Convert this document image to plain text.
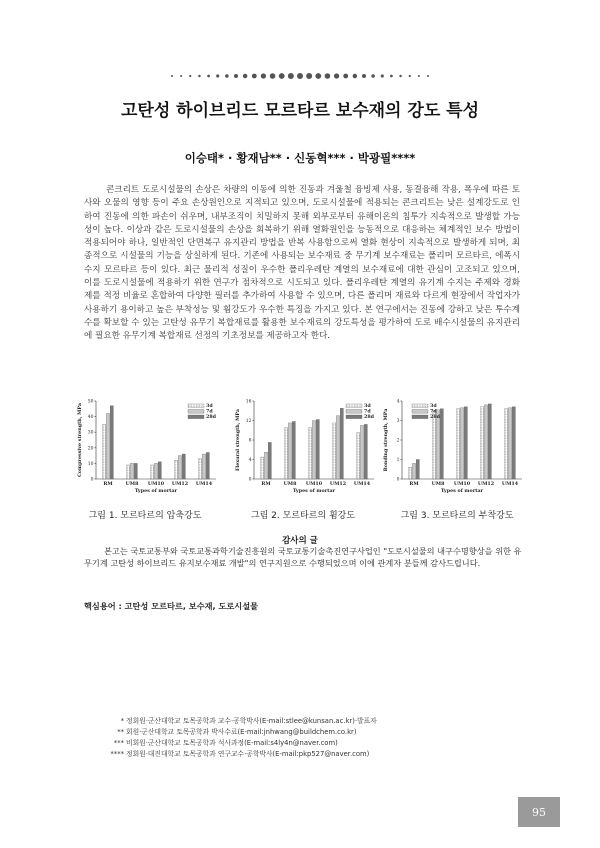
고탄성 하이브리드 모르타르 보수재의 강도 특성
이승태* · 황재남** · 신동혁*** · 박광필****

콘크리트 도로시설물의 손상은 차량의 이동에 의한 진동과 겨울철 융빙제 사용, 동결융해 작용, 폭우에 따른 토사와 오물의 영향 등이 주요 손상원인으로 지적되고 있으며, 도로시설물에 적용되는 콘크리트는 낮은 설계강도로 인하여 진동에 의한 파손이 쉬우며, 내부조직이 치밀하지 못해 외부로부터 유해이온의 침투가 지속적으로 발생할 가능성이 높다. 이상과 같은 도로시설물의 손상을 회복하기 위해 열화원인을 능동적으로 대응하는 체계적인 보수 방법이 적용되어야 하나, 일반적인 단면복구 유지관리 방법을 반복 사용함으로써 열화 현상이 지속적으로 발생하게 되며, 최종적으로 시설물의 기능을 상실하게 된다. 기존에 사용되는 보수재료 중 무기계 보수재료는 폴리머 모르타르, 에폭시수지 모르타르 등이 있다. 최근 물리적 성질이 우수한 폴리우레탄 계열의 보수재료에 대한 관심이 고조되고 있으며, 이를 도로시설물에 적용하기 위한 연구가 점차적으로 시도되고 있다. 폴리우레탄 계열의 유기계 수지는 주제와 경화제를 적정 비율로 혼합하여 다양한 필러를 추가하여 사용할 수 있으며, 다른 폴리머 재료와 다르게 현장에서 작업자가 사용하기 용이하고 높은 부착성능 및 휨강도가 우수한 특징을 가지고 있다. 본 연구에서는 진동에 강하고 낮은 투수계수를 확보할 수 있는 고탄성 유무기 복합재료를 활용한 보수재료의 강도특성을 평가하여 도로 배수시설물의 유지관리에 필요한 유무기계 복합재료 선정의 기초정보를 제공하고자 한다.

0
10
20
30
40
50
RM	UM8 UM10 UM12 UM14
Types of mortar
Compressive strength, MPa	3d
7d
28d
0
4
8
12
16
RM	UM8 UM10 UM12 UM14
Types of mortar
Flexural strength, MPa
3d
7d
28d
0
1
2
3
4
RM	UM8 UM10 UM12 UM14
Types of mortar
Bonding strength, MPa
3d
7d
28d
그림 1. 모르타르의 압축강도	그림 2. 모르타르의 휨강도	그림 3. 모르타르의 부착강도
감사의 글

본고는 국토교통부와 국토교통과학기술진흥원의 국토교통기술촉진연구사업인 "도로시설물의 내구수명향상을 위한 유무기계 고탄성 하이브리드 유지보수재료 개발"의 연구지원으로 수행되었으며 이에 관계자 분들께 감사드립니다.

핵심용어 : 고탄성 모르타르, 보수재, 도로시설물
* 정회원·군산대학교 토목공학과 교수·공학박사(E-mail:stlee@kunsan.ac.kr)·발표자
** 회원·군산대학교 토목공학과 박사수료(E-mail:jnhwang@buildchem.co.kr)
*** 비회원·군산대학교 토목공학과 석사과정(E-mail:s4ly4n@naver.com)
**** 정회원·대진대학교 토목공학과 연구교수·공학박사(E-mail:pkp527@naver.com)
95
